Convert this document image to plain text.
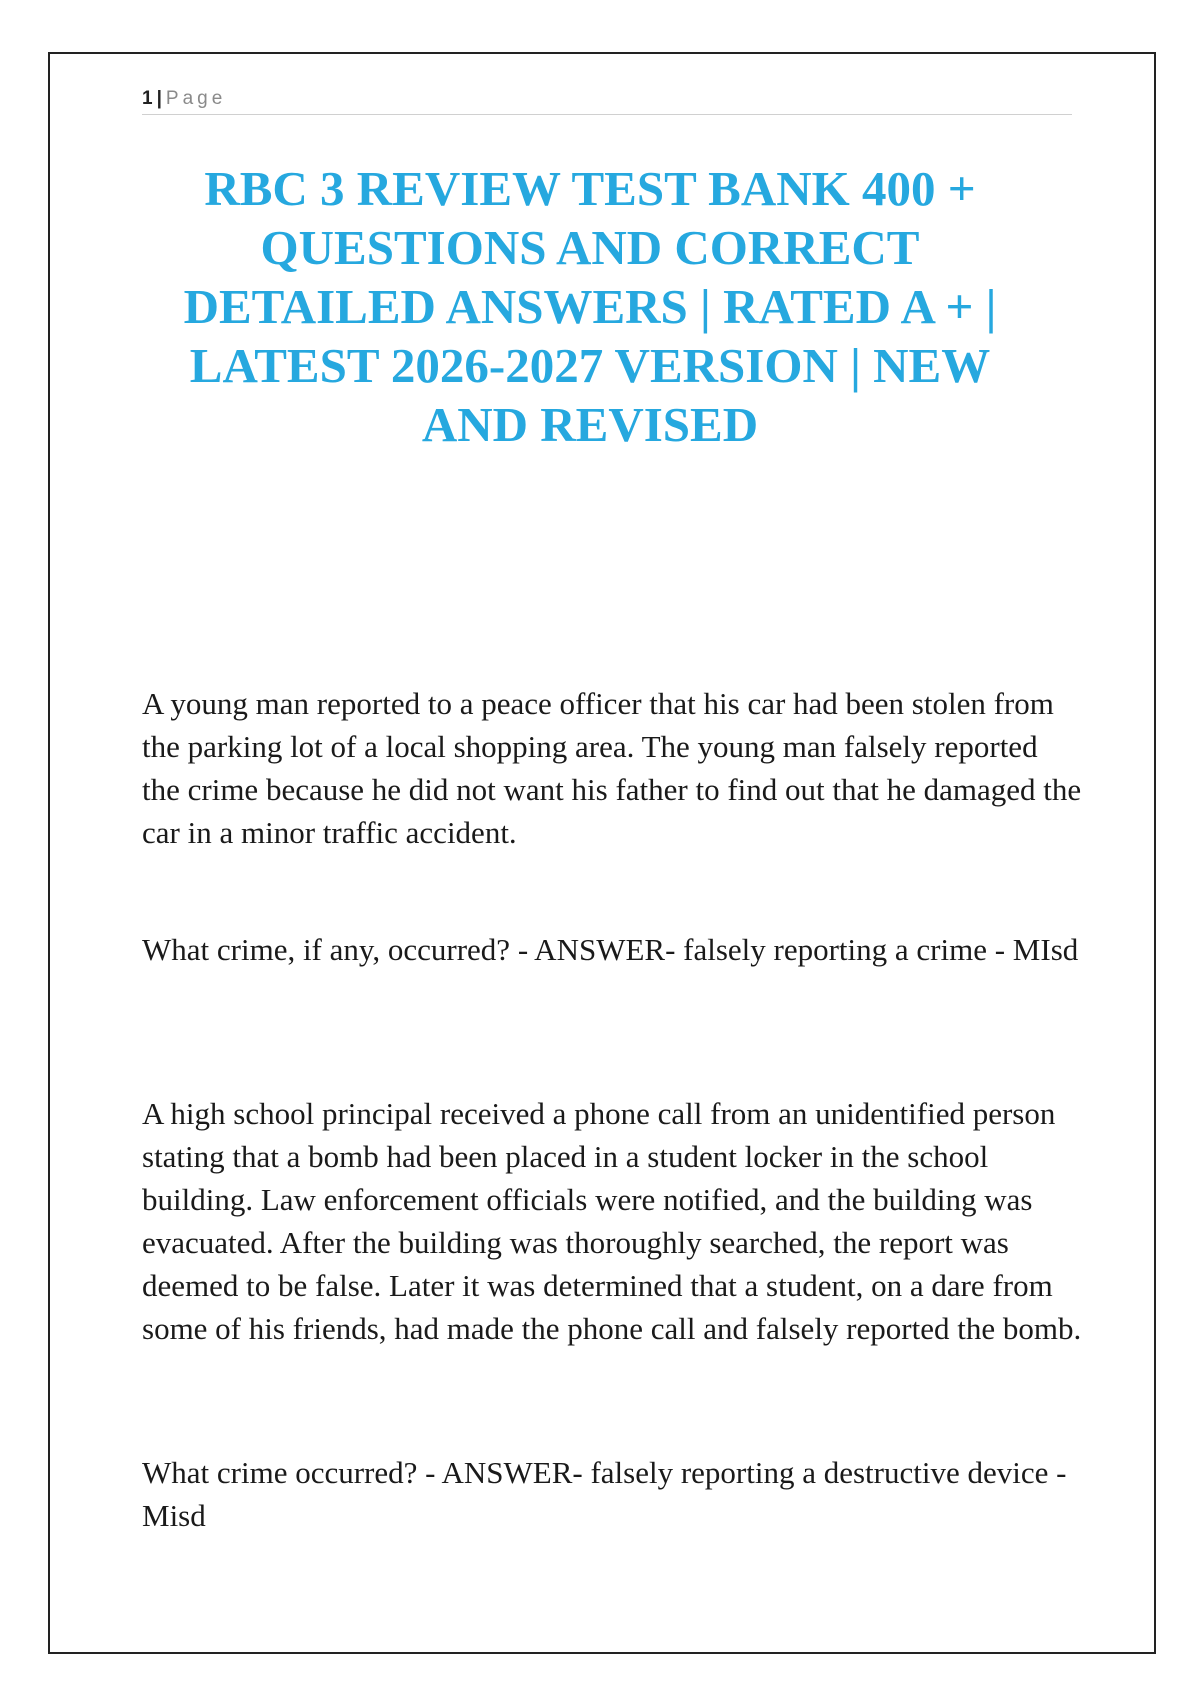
1 | Page
RBC 3 REVIEW TEST BANK 400 + QUESTIONS AND CORRECT DETAILED ANSWERS | RATED A + | LATEST 2026-2027 VERSION | NEW AND REVISED

A young man reported to a peace officer that his car had been stolen from the parking lot of a local shopping area. The young man falsely reported the crime because he did not want his father to find out that he damaged the car in a minor traffic accident.

What crime, if any, occurred? - ANSWER- falsely reporting a crime - MIsd

A high school principal received a phone call from an unidentified person stating that a bomb had been placed in a student locker in the school building. Law enforcement officials were notified, and the building was evacuated. After the building was thoroughly searched, the report was deemed to be false. Later it was determined that a student, on a dare from some of his friends, had made the phone call and falsely reported the bomb.

What crime occurred? - ANSWER- falsely reporting a destructive device - Misd
